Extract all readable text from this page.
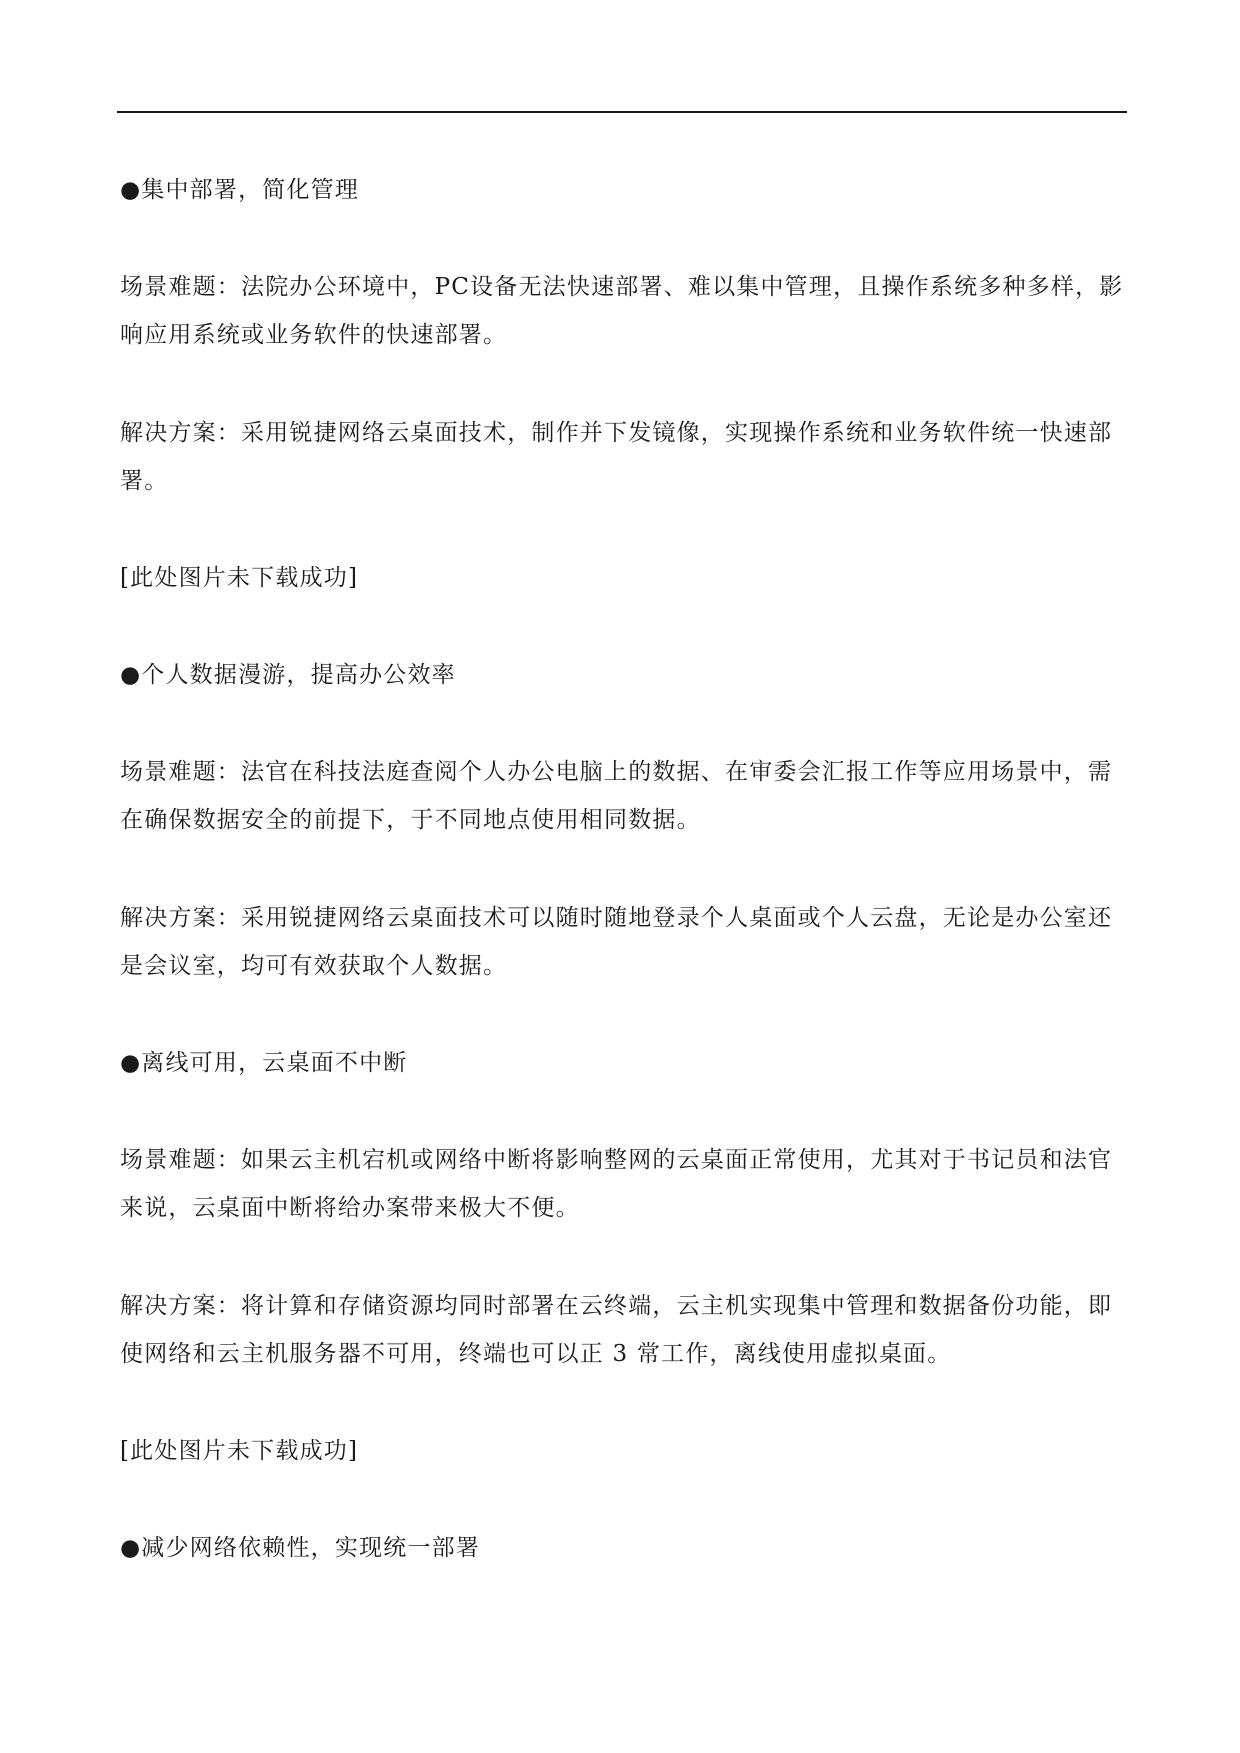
●集中部署，简化管理

场景难题：法院办公环境中，PC设备无法快速部署、难以集中管理，且操作系统多种多样，影响应用系统或业务软件的快速部署。

解决方案：采用锐捷网络云桌面技术，制作并下发镜像，实现操作系统和业务软件统一快速部署。

[此处图片未下载成功]

●个人数据漫游，提高办公效率

场景难题：法官在科技法庭查阅个人办公电脑上的数据、在审委会汇报工作等应用场景中，需在确保数据安全的前提下，于不同地点使用相同数据。

解决方案：采用锐捷网络云桌面技术可以随时随地登录个人桌面或个人云盘，无论是办公室还是会议室，均可有效获取个人数据。

●离线可用，云桌面不中断

场景难题：如果云主机宕机或网络中断将影响整网的云桌面正常使用，尤其对于书记员和法官来说，云桌面中断将给办案带来极大不便。

解决方案：将计算和存储资源均同时部署在云终端，云主机实现集中管理和数据备份功能，即使网络和云主机服务器不可用，终端也可以正 3 常工作，离线使用虚拟桌面。

[此处图片未下载成功]

●减少网络依赖性，实现统一部署
